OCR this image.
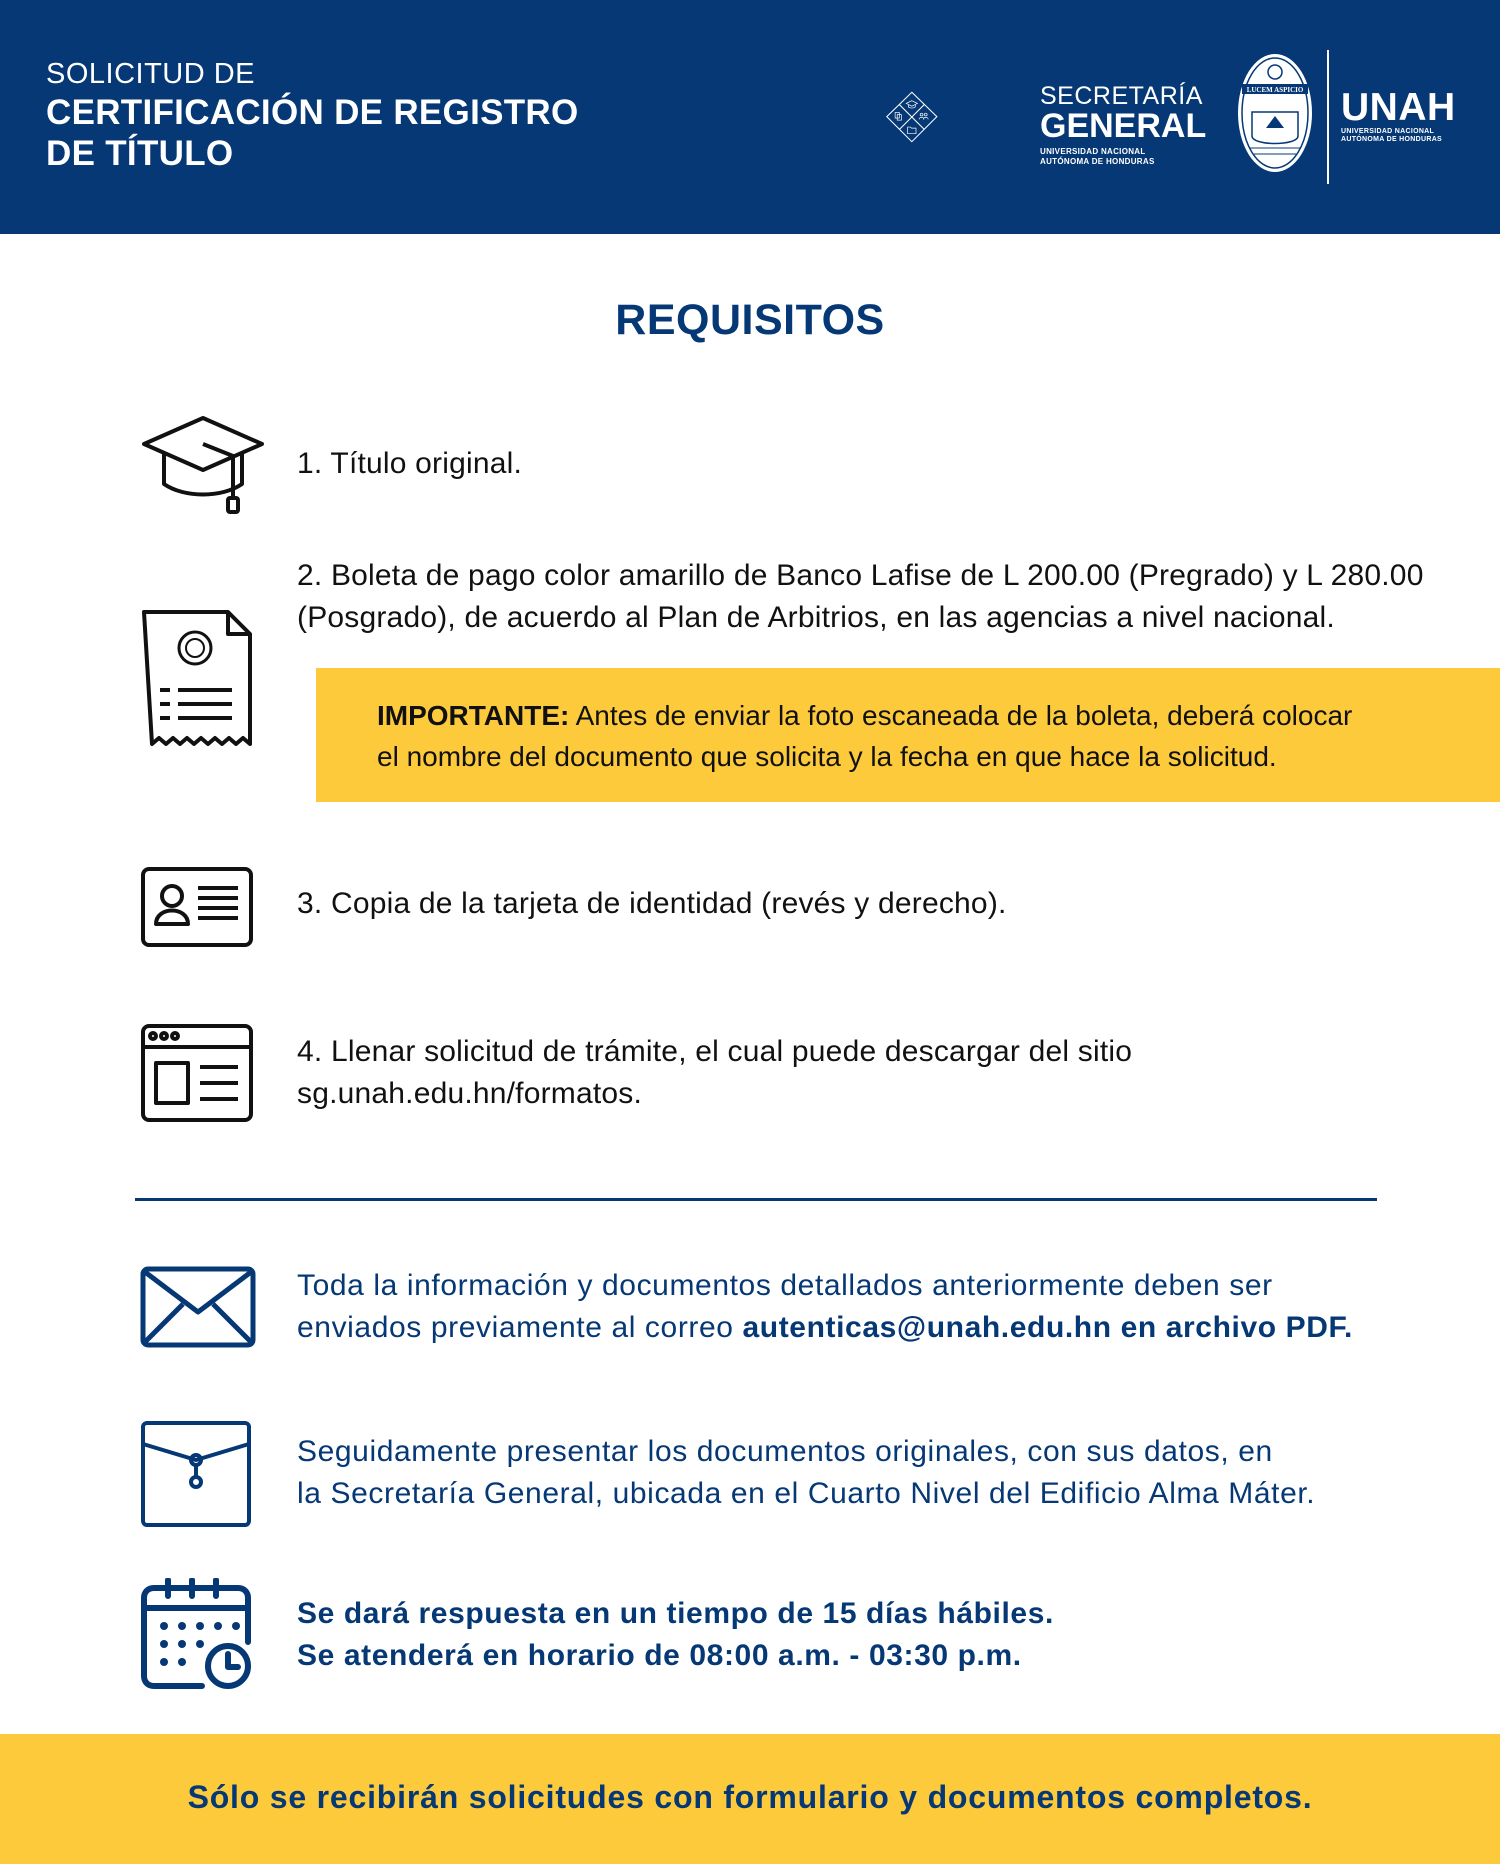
SOLICITUD DE
CERTIFICACIÓN DE REGISTRO
DE TÍTULO
SECRETARÍA
GENERAL
UNIVERSIDAD NACIONAL
AUTÓNOMA DE HONDURAS
LUCEM ASPICIO UNAH
UNIVERSIDAD NACIONAL
AUTÓNOMA DE HONDURAS
REQUISITOS
1. Título original.
2. Boleta de pago color amarillo de Banco Lafise de L 200.00 (Pregrado) y L 280.00
(Posgrado), de acuerdo al Plan de Arbitrios, en las agencias a nivel nacional.
IMPORTANTE: Antes de enviar la foto escaneada de la boleta, deberá colocar
el nombre del documento que solicita y la fecha en que hace la solicitud.
3. Copia de la tarjeta de identidad (revés y derecho).
4. Llenar solicitud de trámite, el cual puede descargar del sitio
sg.unah.edu.hn/formatos.
Toda la información y documentos detallados anteriormente deben ser
enviados previamente al correo autenticas@unah.edu.hn en archivo PDF.
Seguidamente presentar los documentos originales, con sus datos, en
la Secretaría General, ubicada en el Cuarto Nivel del Edificio Alma Máter.
Se dará respuesta en un tiempo de 15 días hábiles.
Se atenderá en horario de 08:00 a.m. - 03:30 p.m.
Sólo se recibirán solicitudes con formulario y documentos completos.
